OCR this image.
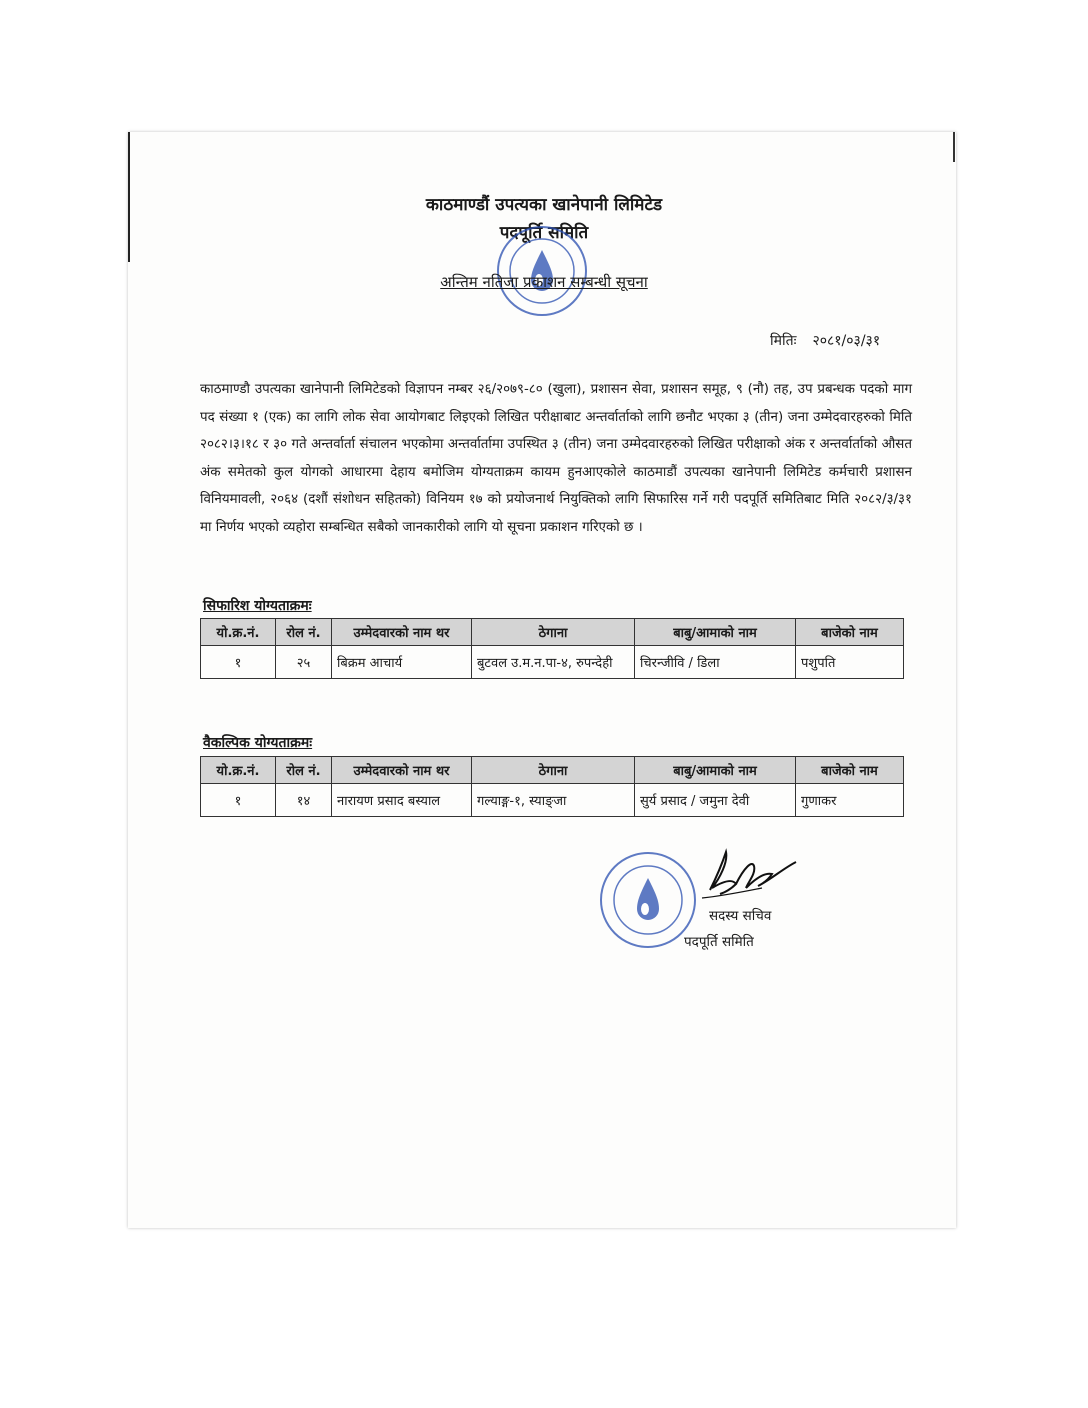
काठमाण्डौं उपत्यका खानेपानी लिमिटेड
पदपूर्ति समिति
अन्तिम नतिजा प्रकाशन सम्बन्धी सूचना
मितिः २०८१/०३/३१
काठमाण्डौ उपत्यका खानेपानी लिमिटेडको विज्ञापन नम्बर २६/२०७९-८० (खुला), प्रशासन सेवा, प्रशासन समूह, ९ (नौ) तह, उप प्रबन्धक पदको माग पद संख्या १ (एक) का लागि लोक सेवा आयोगबाट लिइएको लिखित परीक्षाबाट अन्तर्वार्ताको लागि छनौट भएका ३ (तीन) जना उम्मेदवारहरुको मिति २०८२।३।१८ र ३० गते अन्तर्वार्ता संचालन भएकोमा अन्तर्वार्तामा उपस्थित ३ (तीन) जना उम्मेदवारहरुको लिखित परीक्षाको अंक र अन्तर्वार्ताको औसत अंक समेतको कुल योगको आधारमा देहाय बमोजिम योग्यताक्रम कायम हुनआएकोले काठमाडौं उपत्यका खानेपानी लिमिटेड कर्मचारी प्रशासन विनियमावली, २०६४ (दशौं संशोधन सहितको) विनियम १७ को प्रयोजनार्थ नियुक्तिको लागि सिफारिस गर्ने गरी पदपूर्ति समितिबाट मिति २०८२/३/३१ मा निर्णय भएको व्यहोरा सम्बन्धित सबैको जानकारीको लागि यो सूचना प्रकाशन गरिएको छ ।
सिफारिश योग्यताक्रमः
यो.क्र.नं.	रोल नं.	उम्मेदवारको नाम थर	ठेगाना	बाबु/आमाको नाम	बाजेको नाम
१	२५	बिक्रम आचार्य	बुटवल उ.म.न.पा-४, रुपन्देही	चिरन्जीवि / डिला	पशुपति
वैकल्पिक योग्यताक्रमः
यो.क्र.नं.	रोल नं.	उम्मेदवारको नाम थर	ठेगाना	बाबु/आमाको नाम	बाजेको नाम
१	१४	नारायण प्रसाद बस्याल	गल्याङ्ग-१, स्याङ्जा	सुर्य प्रसाद / जमुना देवी	गुणाकर
सदस्य सचिव
पदपूर्ति समिति
